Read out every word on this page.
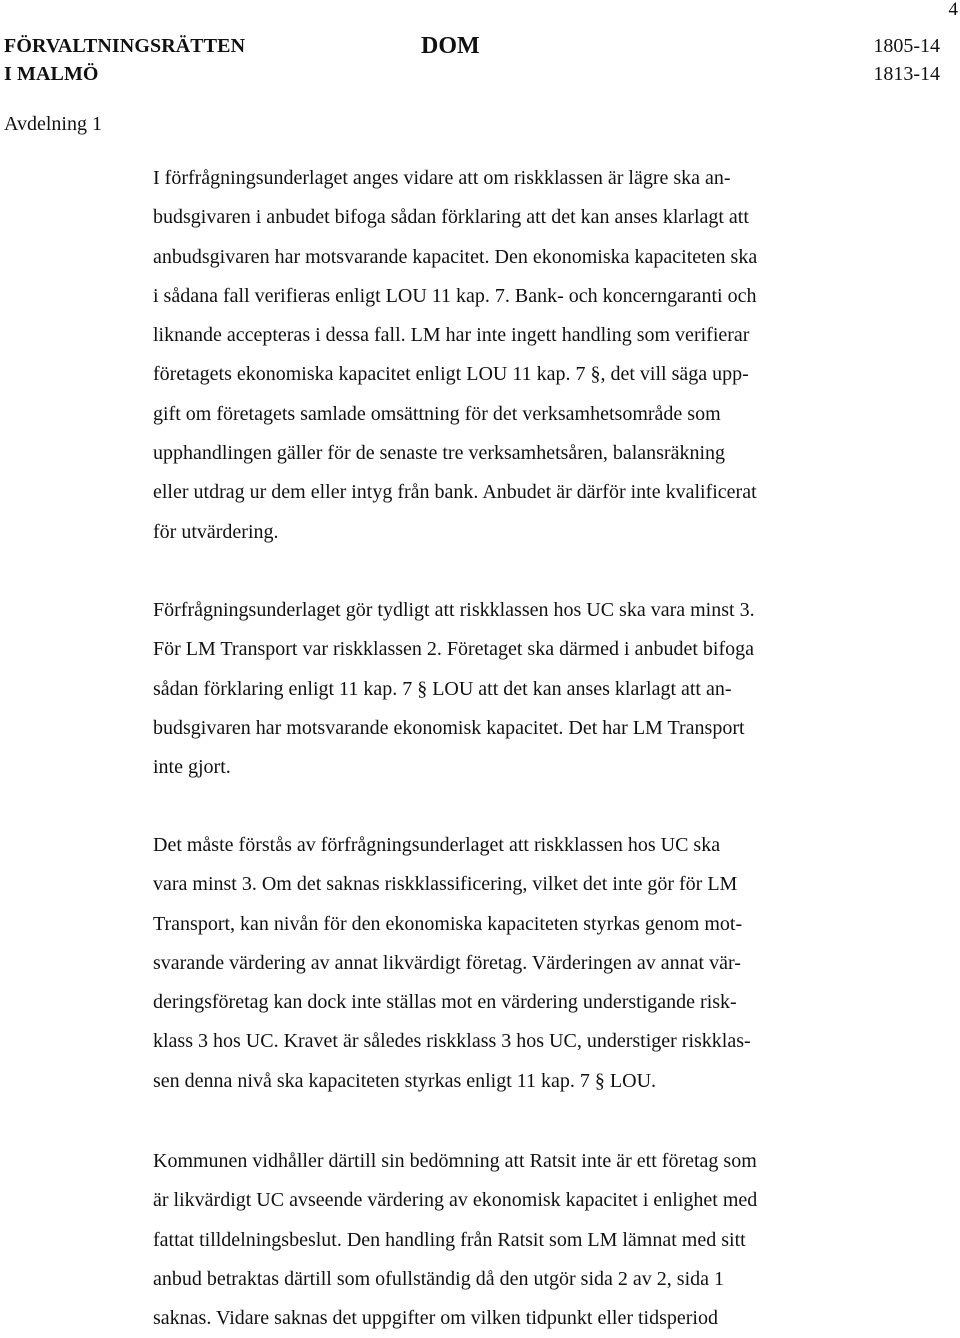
4
FÖRVALTNINGSRÄTTEN
I MALMÖ
DOM	1805-14
1813-14
Avdelning 1
I förfrågningsunderlaget anges vidare att om riskklassen är lägre ska an-
budsgivaren i anbudet bifoga sådan förklaring att det kan anses klarlagt att
anbudsgivaren har motsvarande kapacitet. Den ekonomiska kapaciteten ska
i sådana fall verifieras enligt LOU 11 kap. 7. Bank- och koncerngaranti och
liknande accepteras i dessa fall. LM har inte ingett handling som verifierar
företagets ekonomiska kapacitet enligt LOU 11 kap. 7 §, det vill säga upp-
gift om företagets samlade omsättning för det verksamhetsområde som
upphandlingen gäller för de senaste tre verksamhetsåren, balansräkning
eller utdrag ur dem eller intyg från bank. Anbudet är därför inte kvalificerat
för utvärdering.
Förfrågningsunderlaget gör tydligt att riskklassen hos UC ska vara minst 3.
För LM Transport var riskklassen 2. Företaget ska därmed i anbudet bifoga
sådan förklaring enligt 11 kap. 7 § LOU att det kan anses klarlagt att an-
budsgivaren har motsvarande ekonomisk kapacitet. Det har LM Transport
inte gjort.
Det måste förstås av förfrågningsunderlaget att riskklassen hos UC ska
vara minst 3. Om det saknas riskklassificering, vilket det inte gör för LM
Transport, kan nivån för den ekonomiska kapaciteten styrkas genom mot-
svarande värdering av annat likvärdigt företag. Värderingen av annat vär-
deringsföretag kan dock inte ställas mot en värdering understigande risk-
klass 3 hos UC. Kravet är således riskklass 3 hos UC, understiger riskklas-
sen denna nivå ska kapaciteten styrkas enligt 11 kap. 7 § LOU.
Kommunen vidhåller därtill sin bedömning att Ratsit inte är ett företag som
är likvärdigt UC avseende värdering av ekonomisk kapacitet i enlighet med
fattat tilldelningsbeslut. Den handling från Ratsit som LM lämnat med sitt
anbud betraktas därtill som ofullständig då den utgör sida 2 av 2, sida 1
saknas. Vidare saknas det uppgifter om vilken tidpunkt eller tidsperiod
